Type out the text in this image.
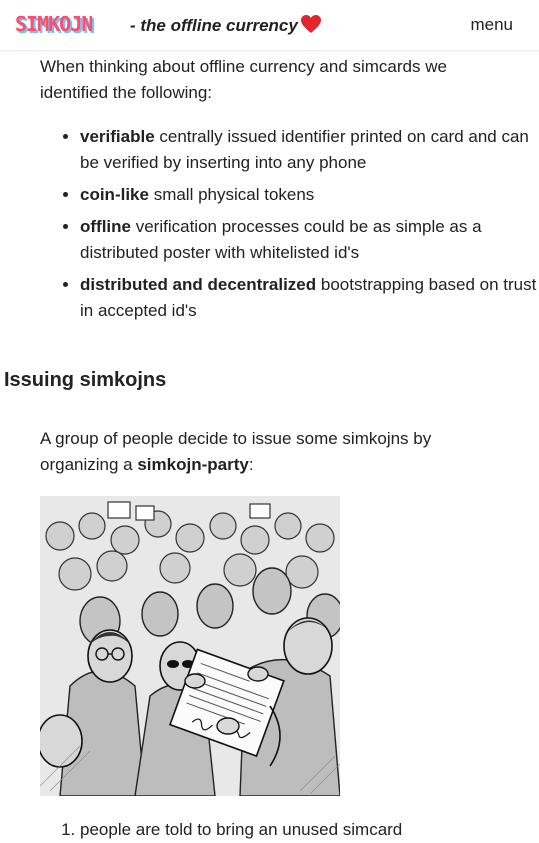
SIMKOJN - the offline currency	menu

When thinking about offline currency and simcards we identified the following:

• verifiable centrally issued identifier printed on card and can be verified by inserting into any phone
• coin-like small physical tokens
• offline verification processes could be as simple as a distributed poster with whitelisted id's
• distributed and decentralized bootstrapping based on trust in accepted id's
Issuing simkojns

A group of people decide to issue some simkojns by organizing a simkojn-party:

1. people are told to bring an unused simcard
